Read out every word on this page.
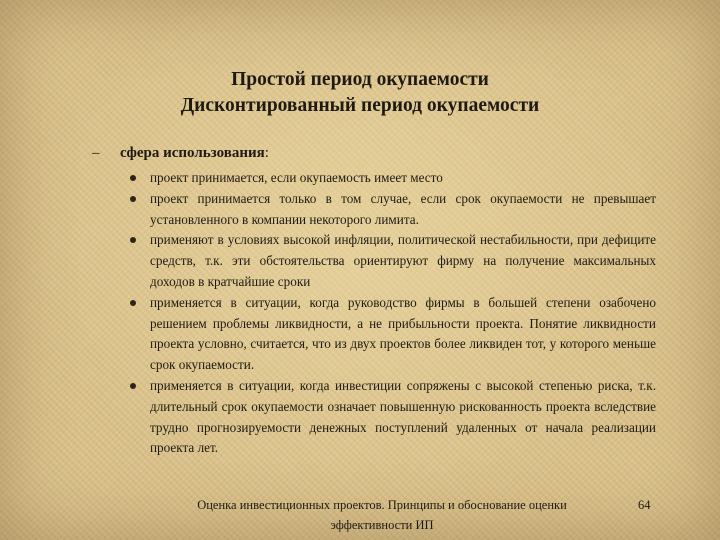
Простой период окупаемости
Дисконтированный период окупаемости
– сфера использования:
проект принимается, если окупаемость имеет место
проект принимается только в том случае, если срок окупаемости не превышает установленного в компании некоторого лимита.
применяют в условиях высокой инфляции, политической нестабильности, при дефиците средств, т.к. эти обстоятельства ориентируют фирму на получение максимальных доходов в кратчайшие сроки
применяется в ситуации, когда руководство фирмы в большей степени озабочено решением проблемы ликвидности, а не прибыльности проекта. Понятие ликвидности проекта условно, считается, что из двух проектов более ликвиден тот, у которого меньше срок окупаемости.
применяется в ситуации, когда инвестиции сопряжены с высокой степенью риска, т.к. длительный срок окупаемости означает повышенную рискованность проекта вследствие трудно прогнозируемости денежных поступлений удаленных от начала реализации проекта лет.
Оценка инвестиционных проектов. Принципы и обоснование оценки
эффективности ИП
64
